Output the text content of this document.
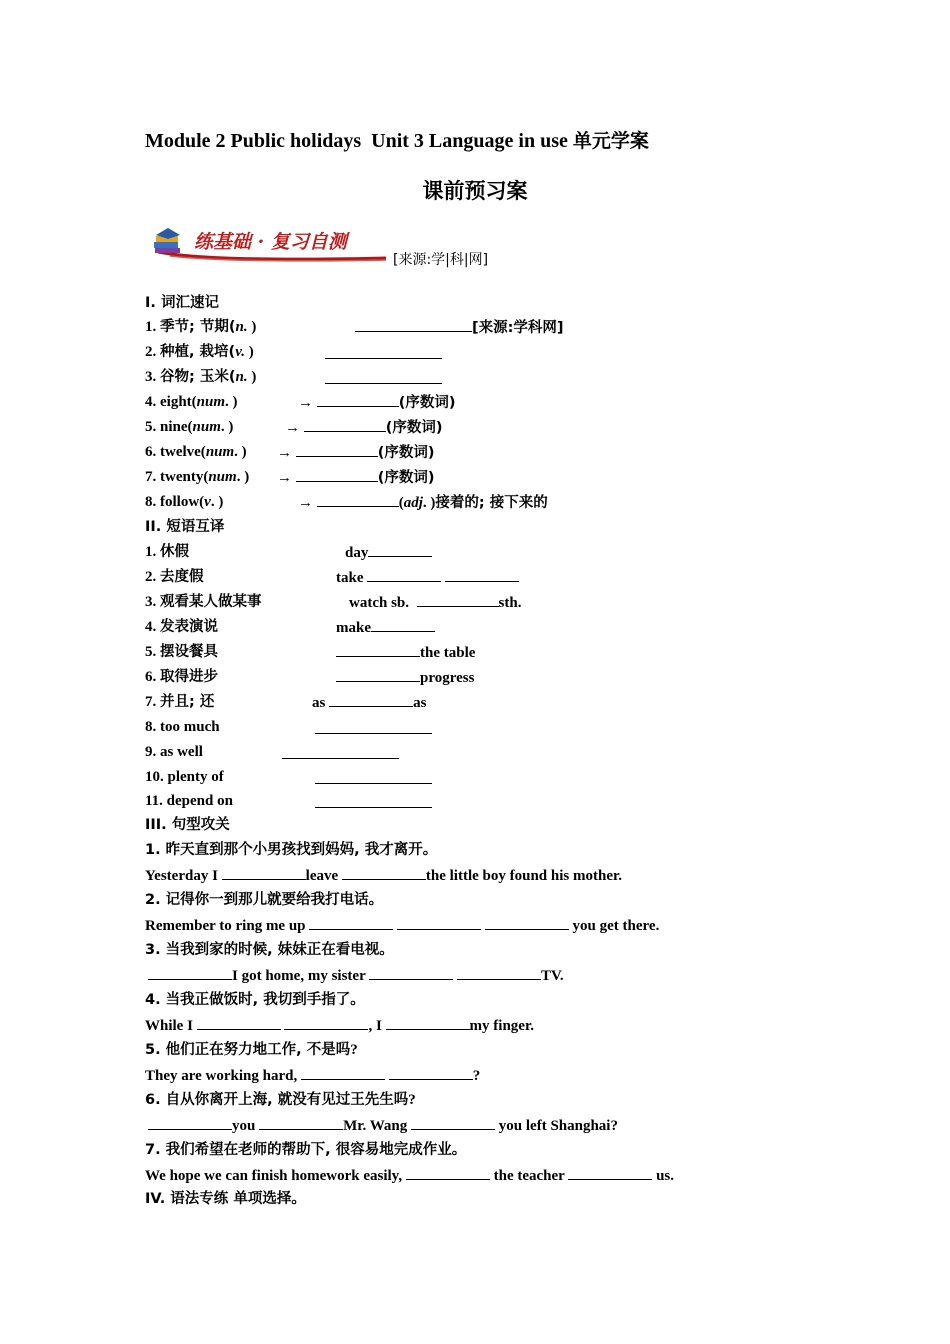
Module 2 Public holidays  Unit 3 Language in use 单元学案
课前预习案
练基础 · 复习自测
[来源:学|科|网]
I. 词汇速记
1. 季节; 节期(n. )	[来源:学科网]
2. 种植, 栽培(v. )
3. 谷物; 玉米(n. )
4. eight(num. )	→	(序数词)
5. nine(num. )	→	(序数词)
6. twelve(num. ) →	(序数词)
7. twenty(num. ) →	(序数词)
8. follow(v. )	→	(adj. )接着的; 接下来的
II. 短语互译
1. 休假	day
2. 去度假	take
3. 观看某人做某事	watch sb.	sth.
4. 发表演说	make
5. 摆设餐具	the table
6. 取得进步	progress
7. 并且; 还	as	as
8. too much
9. as well
10. plenty of
11. depend on
III. 句型攻关
1. 昨天直到那个小男孩找到妈妈, 我才离开。
Yesterday I	leave	the little boy found his mother.
2. 记得你一到那儿就要给我打电话。
Remember to ring me up	you get there.
3. 当我到家的时候, 妹妹正在看电视。
I got home, my sister	TV.
4. 当我正做饭时, 我切到手指了。
While I	, I	my finger.
5. 他们正在努力地工作, 不是吗?
They are working hard,	?
6. 自从你离开上海, 就没有见过王先生吗?
you	Mr. Wang	you left Shanghai?
7. 我们希望在老师的帮助下, 很容易地完成作业。
We hope we can finish homework easily,	the teacher	us.
IV. 语法专练 单项选择。
